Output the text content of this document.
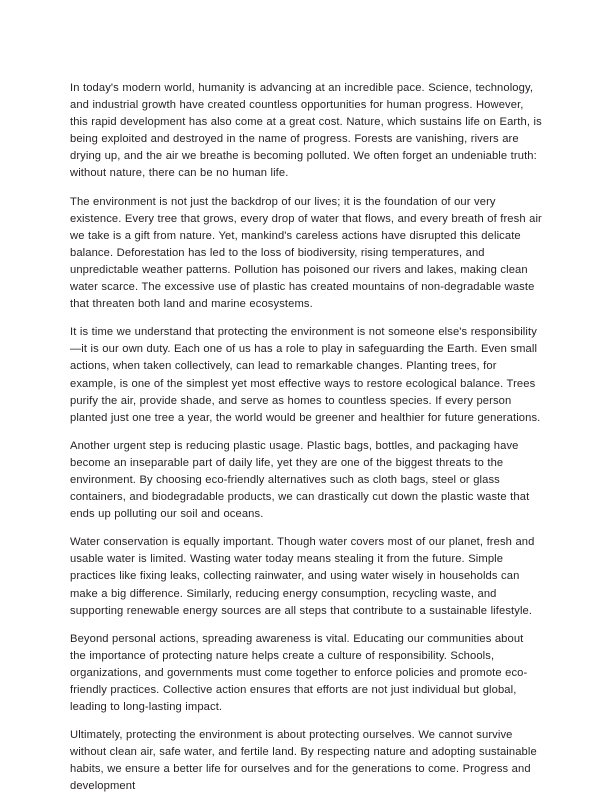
In today's modern world, humanity is advancing at an incredible pace. Science, technology, and industrial growth have created countless opportunities for human progress. However, this rapid development has also come at a great cost. Nature, which sustains life on Earth, is being exploited and destroyed in the name of progress. Forests are vanishing, rivers are drying up, and the air we breathe is becoming polluted. We often forget an undeniable truth: without nature, there can be no human life.

The environment is not just the backdrop of our lives; it is the foundation of our very existence. Every tree that grows, every drop of water that flows, and every breath of fresh air we take is a gift from nature. Yet, mankind's careless actions have disrupted this delicate balance. Deforestation has led to the loss of biodiversity, rising temperatures, and unpredictable weather patterns. Pollution has poisoned our rivers and lakes, making clean water scarce. The excessive use of plastic has created mountains of non-degradable waste that threaten both land and marine ecosystems.

It is time we understand that protecting the environment is not someone else's responsibility—it is our own duty. Each one of us has a role to play in safeguarding the Earth. Even small actions, when taken collectively, can lead to remarkable changes. Planting trees, for example, is one of the simplest yet most effective ways to restore ecological balance. Trees purify the air, provide shade, and serve as homes to countless species. If every person planted just one tree a year, the world would be greener and healthier for future generations.

Another urgent step is reducing plastic usage. Plastic bags, bottles, and packaging have become an inseparable part of daily life, yet they are one of the biggest threats to the environment. By choosing eco-friendly alternatives such as cloth bags, steel or glass containers, and biodegradable products, we can drastically cut down the plastic waste that ends up polluting our soil and oceans.

Water conservation is equally important. Though water covers most of our planet, fresh and usable water is limited. Wasting water today means stealing it from the future. Simple practices like fixing leaks, collecting rainwater, and using water wisely in households can make a big difference. Similarly, reducing energy consumption, recycling waste, and supporting renewable energy sources are all steps that contribute to a sustainable lifestyle.

Beyond personal actions, spreading awareness is vital. Educating our communities about the importance of protecting nature helps create a culture of responsibility. Schools, organizations, and governments must come together to enforce policies and promote eco-friendly practices. Collective action ensures that efforts are not just individual but global, leading to long-lasting impact.

Ultimately, protecting the environment is about protecting ourselves. We cannot survive without clean air, safe water, and fertile land. By respecting nature and adopting sustainable habits, we ensure a better life for ourselves and for the generations to come. Progress and development
